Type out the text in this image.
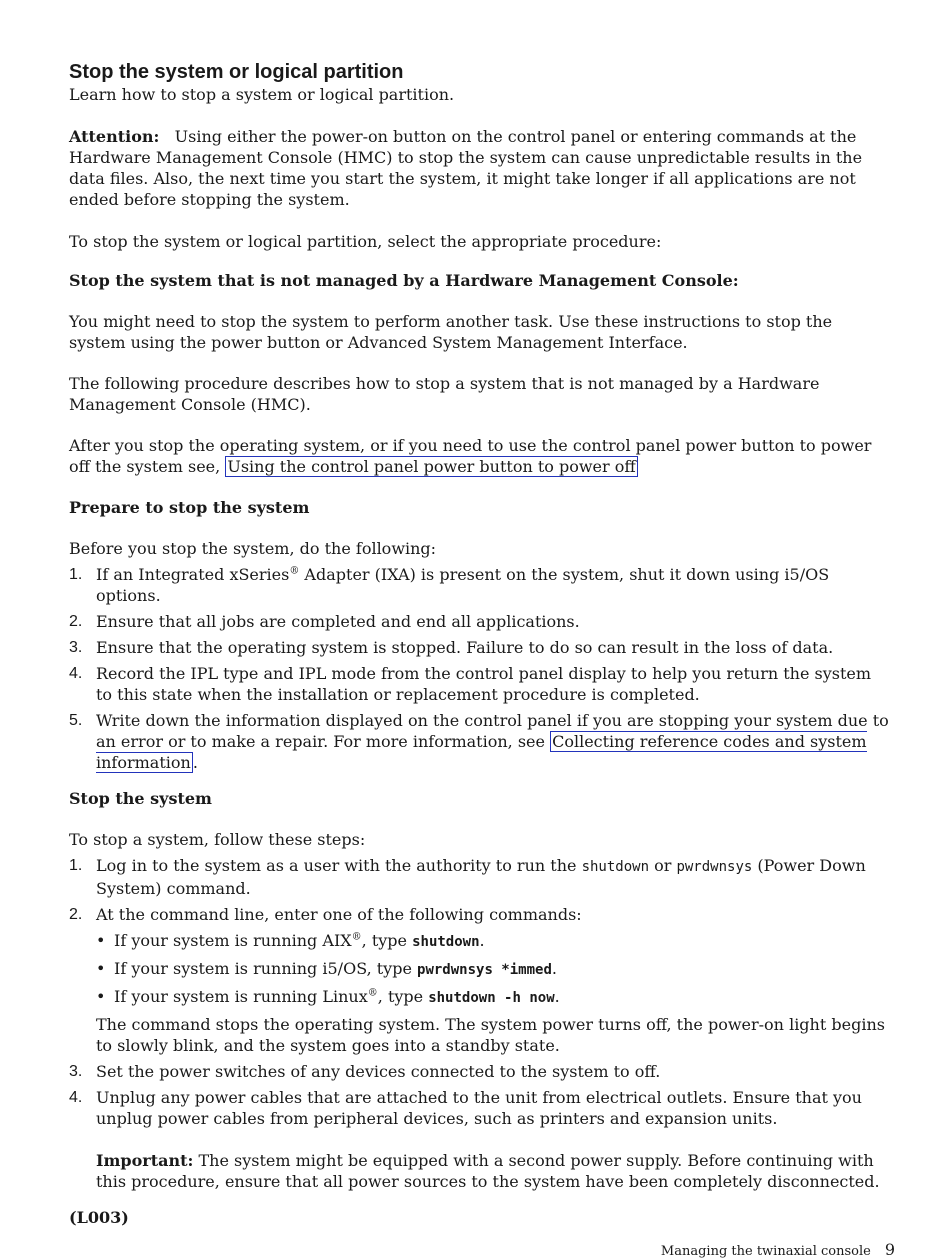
Stop the system or logical partition

Learn how to stop a system or logical partition.

Attention: Using either the power-on button on the control panel or entering commands at the Hardware Management Console (HMC) to stop the system can cause unpredictable results in the data files. Also, the next time you start the system, it might take longer if all applications are not ended before stopping the system.

To stop the system or logical partition, select the appropriate procedure:

Stop the system that is not managed by a Hardware Management Console:

You might need to stop the system to perform another task. Use these instructions to stop the system using the power button or Advanced System Management Interface.

The following procedure describes how to stop a system that is not managed by a Hardware Management Console (HMC).

After you stop the operating system, or if you need to use the control panel power button to power off the system see, Using the control panel power button to power off

Prepare to stop the system

Before you stop the system, do the following:

1. If an Integrated xSeries® Adapter (IXA) is present on the system, shut it down using i5/OS options.
2. Ensure that all jobs are completed and end all applications.
3. Ensure that the operating system is stopped. Failure to do so can result in the loss of data.
4. Record the IPL type and IPL mode from the control panel display to help you return the system to this state when the installation or replacement procedure is completed.
5. Write down the information displayed on the control panel if you are stopping your system due to an error or to make a repair. For more information, see Collecting reference codes and system information .

Stop the system

To stop a system, follow these steps:

1. Log in to the system as a user with the authority to run the shutdown or pwrdwnsys (Power Down System) command.
2. At the command line, enter one of the following commands:
• If your system is running AIX®, type shutdown.
• If your system is running i5/OS, type pwrdwnsys *immed.
• If your system is running Linux®, type shutdown -h now.

The command stops the operating system. The system power turns off, the power-on light begins to slowly blink, and the system goes into a standby state.

3. Set the power switches of any devices connected to the system to off.
4. Unplug any power cables that are attached to the unit from electrical outlets. Ensure that you unplug power cables from peripheral devices, such as printers and expansion units.

Important: The system might be equipped with a second power supply. Before continuing with this procedure, ensure that all power sources to the system have been completely disconnected.

(L003)

Managing the twinaxial console 9
